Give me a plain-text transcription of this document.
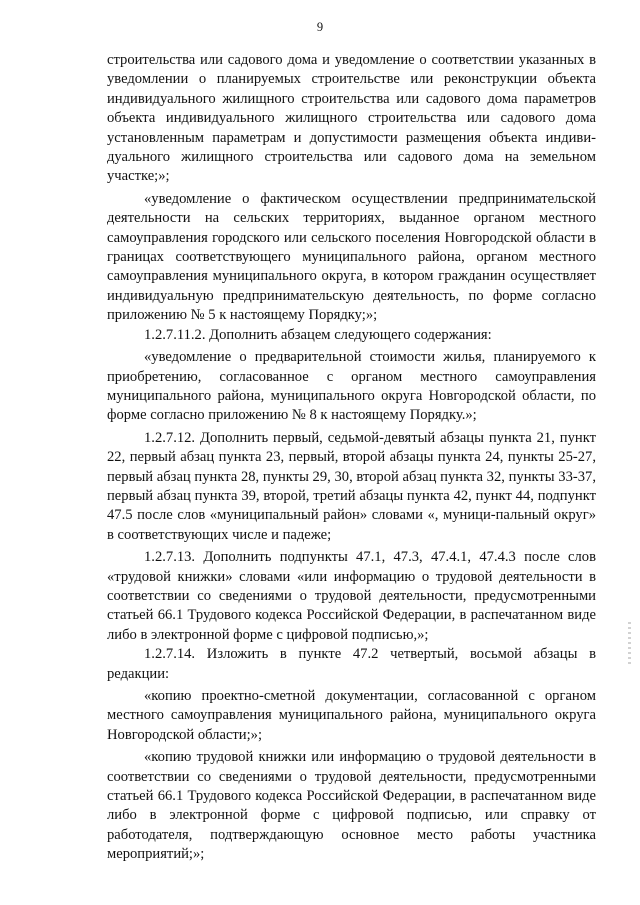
9

строительства или садового дома и уведомление о соответствии указанных в уведомлении о планируемых строительстве или реконструкции объекта индивидуального жилищного строительства или садового дома параметров объекта индивидуального жилищного строительства или садового дома установленным параметрам и допустимости размещения объекта индиви-дуального жилищного строительства или садового дома на земельном участке;»;

«уведомление о фактическом осуществлении предпринимательской деятельности на сельских территориях, выданное органом местного самоуправления городского или сельского поселения Новгородской области в границах соответствующего муниципального района, органом местного самоуправления муниципального округа, в котором гражданин осуществляет индивидуальную предпринимательскую деятельность, по форме согласно приложению № 5 к настоящему Порядку;»;

1.2.7.11.2. Дополнить абзацем следующего содержания:

«уведомление о предварительной стоимости жилья, планируемого к приобретению, согласованное с органом местного самоуправления муниципального района, муниципального округа Новгородской области, по форме согласно приложению № 8 к настоящему Порядку.»;

1.2.7.12. Дополнить первый, седьмой-девятый абзацы пункта 21, пункт 22, первый абзац пункта 23, первый, второй абзацы пункта 24, пункты 25-27, первый абзац пункта 28, пункты 29, 30, второй абзац пункта 32, пункты 33-37, первый абзац пункта 39, второй, третий абзацы пункта 42, пункт 44, подпункт 47.5 после слов «муниципальный район» словами «, муници-пальный округ» в соответствующих числе и падеже;

1.2.7.13. Дополнить подпункты 47.1, 47.3, 47.4.1, 47.4.3 после слов «трудовой книжки» словами «или информацию о трудовой деятельности в соответствии со сведениями о трудовой деятельности, предусмотренными статьей 66.1 Трудового кодекса Российской Федерации, в распечатанном виде либо в электронной форме с цифровой подписью,»;

1.2.7.14. Изложить в пункте 47.2 четвертый, восьмой абзацы в редакции:

«копию проектно-сметной документации, согласованной с органом местного самоуправления муниципального района, муниципального округа Новгородской области;»;

«копию трудовой книжки или информацию о трудовой деятельности в соответствии со сведениями о трудовой деятельности, предусмотренными статьей 66.1 Трудового кодекса Российской Федерации, в распечатанном виде либо в электронной форме с цифровой подписью, или справку от работодателя, подтверждающую основное место работы участника мероприятий;»;
